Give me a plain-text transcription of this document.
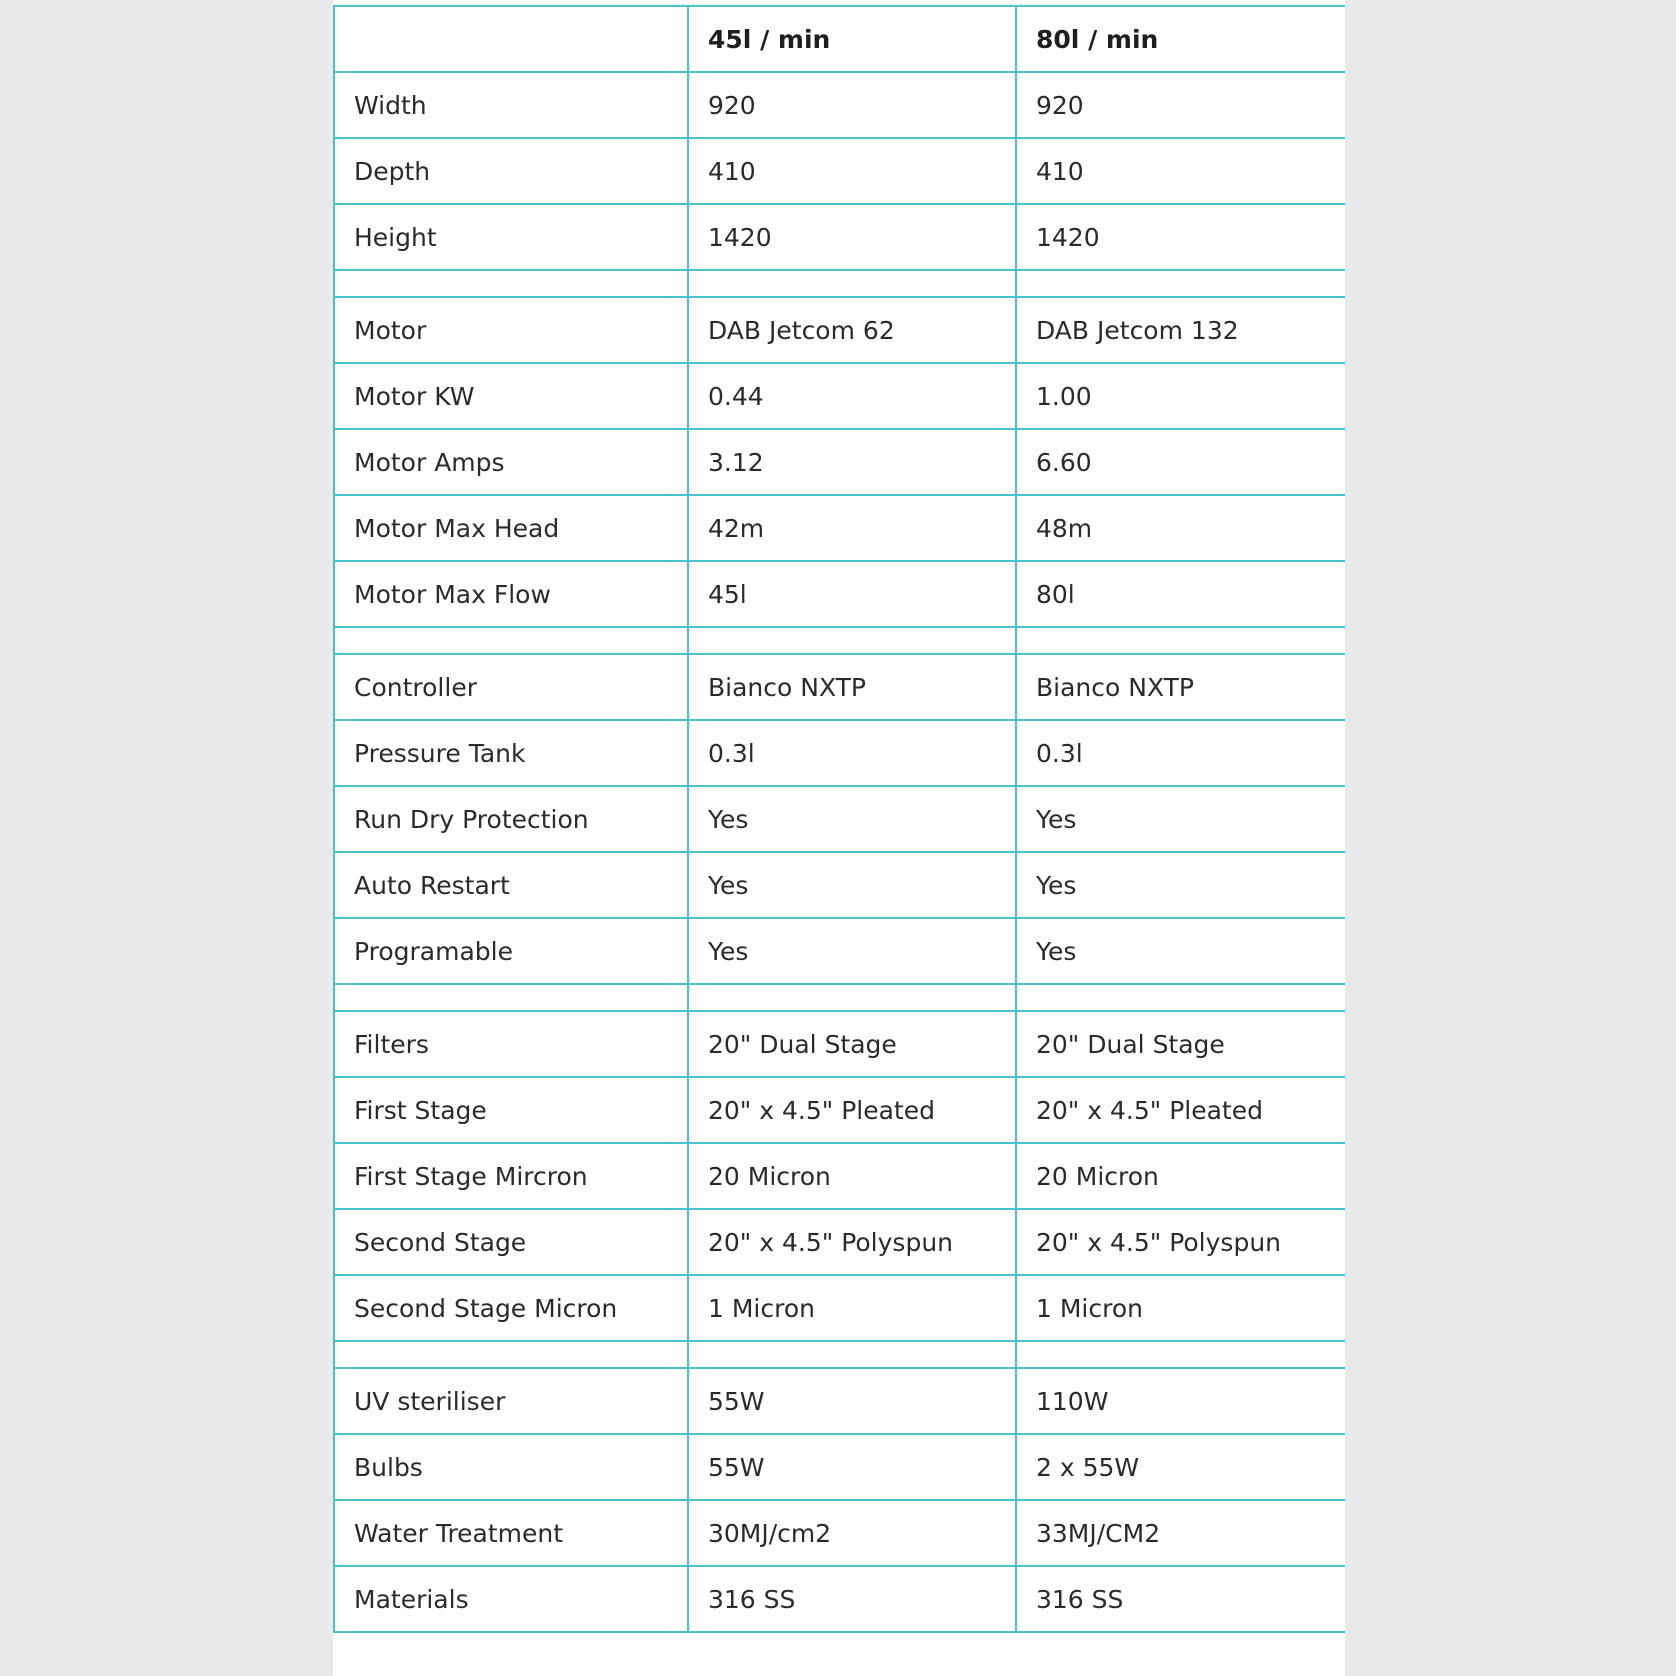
	45l / min	80l / min
Width	920	920
Depth	410	410
Height	1420	1420

Motor	DAB Jetcom 62	DAB Jetcom 132
Motor KW	0.44	1.00
Motor Amps	3.12	6.60
Motor Max Head	42m	48m
Motor Max Flow	45l	80l

Controller	Bianco NXTP	Bianco NXTP
Pressure Tank	0.3l	0.3l
Run Dry Protection	Yes	Yes
Auto Restart	Yes	Yes
Programable	Yes	Yes

Filters	20" Dual Stage	20" Dual Stage
First Stage	20" x 4.5" Pleated	20" x 4.5" Pleated
First Stage Mircron	20 Micron	20 Micron
Second Stage	20" x 4.5" Polyspun	20" x 4.5" Polyspun
Second Stage Micron	1 Micron	1 Micron

UV steriliser	55W	110W
Bulbs	55W	2 x 55W
Water Treatment	30MJ/cm2	33MJ/CM2
Materials	316 SS	316 SS
